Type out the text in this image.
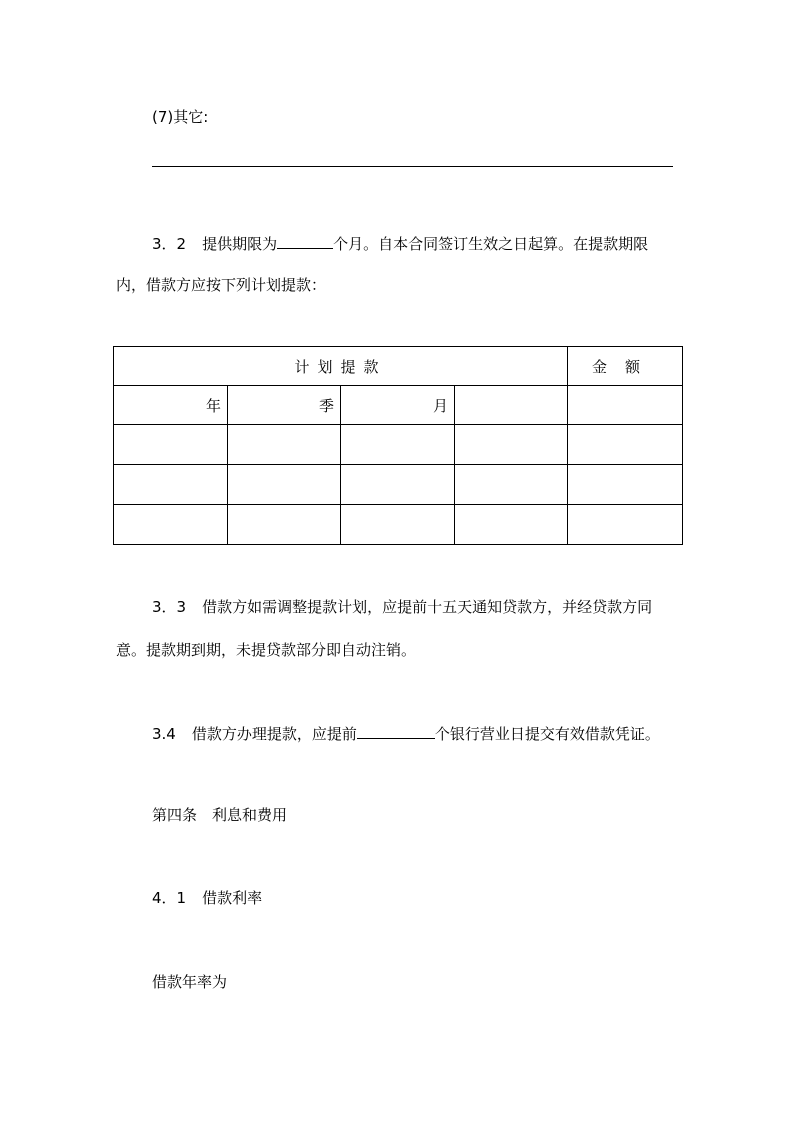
(7)其它:
3．2 提供期限为	个月。自本合同签订生效之日起算。在提款期限
内，借款方应按下列计划提款：
计划提款				金额
年	季	月		

3．3 借款方如需调整提款计划，应提前十五天通知贷款方，并经贷款方同
意。提款期到期，未提贷款部分即自动注销。
3.4 借款方办理提款，应提前	个银行营业日提交有效借款凭证。
第四条　利息和费用
4．1 借款利率
借款年率为
